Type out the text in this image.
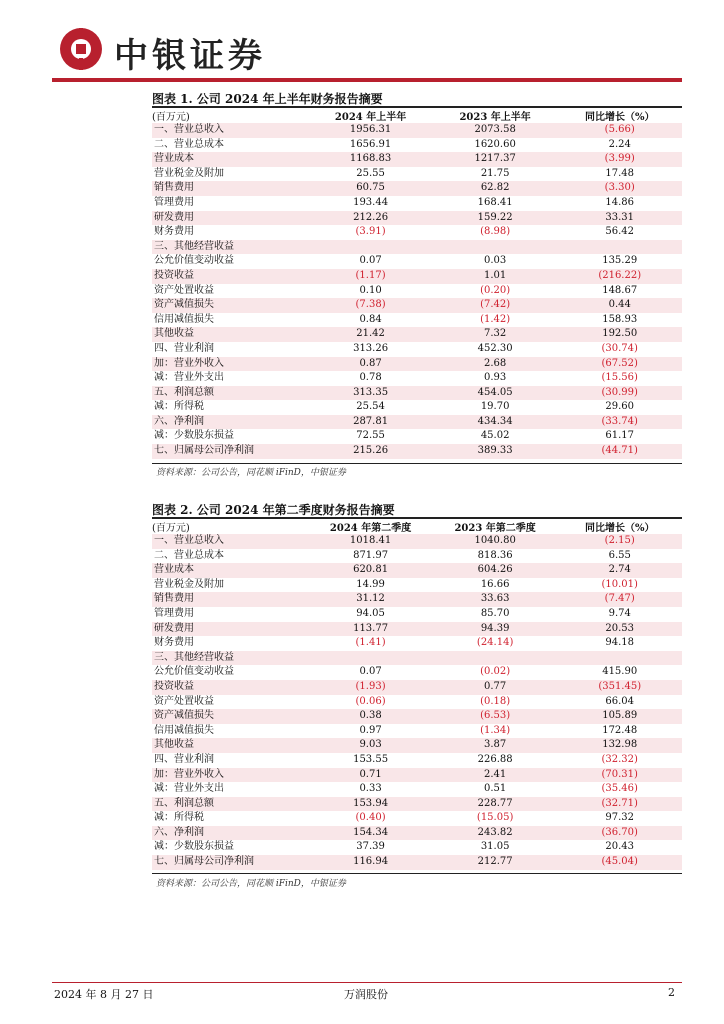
中银证券
图表 1. 公司 2024 年上半年财务报告摘要
(百万元)	2024 年上半年	2023 年上半年	同比增长（%）
一、营业总收入	1956.31	2073.58	(5.66)
二、营业总成本	1656.91	1620.60	2.24
营业成本	1168.83	1217.37	(3.99)
营业税金及附加	25.55	21.75	17.48
销售费用	60.75	62.82	(3.30)
管理费用	193.44	168.41	14.86
研发费用	212.26	159.22	33.31
财务费用	(3.91)	(8.98)	56.42
三、其他经营收益			
公允价值变动收益	0.07	0.03	135.29
投资收益	(1.17)	1.01	(216.22)
资产处置收益	0.10	(0.20)	148.67
资产减值损失	(7.38)	(7.42)	0.44
信用减值损失	0.84	(1.42)	158.93
其他收益	21.42	7.32	192.50
四、营业利润	313.26	452.30	(30.74)
加：营业外收入	0.87	2.68	(67.52)
减：营业外支出	0.78	0.93	(15.56)
五、利润总额	313.35	454.05	(30.99)
减：所得税	25.54	19.70	29.60
六、净利润	287.81	434.34	(33.74)
减：少数股东损益	72.55	45.02	61.17
七、归属母公司净利润	215.26	389.33	(44.71)
资料来源：公司公告，同花顺 iFinD，中银证券
图表 2. 公司 2024 年第二季度财务报告摘要
(百万元)	2024 年第二季度	2023 年第二季度	同比增长（%）
一、营业总收入	1018.41	1040.80	(2.15)
二、营业总成本	871.97	818.36	6.55
营业成本	620.81	604.26	2.74
营业税金及附加	14.99	16.66	(10.01)
销售费用	31.12	33.63	(7.47)
管理费用	94.05	85.70	9.74
研发费用	113.77	94.39	20.53
财务费用	(1.41)	(24.14)	94.18
三、其他经营收益			
公允价值变动收益	0.07	(0.02)	415.90
投资收益	(1.93)	0.77	(351.45)
资产处置收益	(0.06)	(0.18)	66.04
资产减值损失	0.38	(6.53)	105.89
信用减值损失	0.97	(1.34)	172.48
其他收益	9.03	3.87	132.98
四、营业利润	153.55	226.88	(32.32)
加：营业外收入	0.71	2.41	(70.31)
减：营业外支出	0.33	0.51	(35.46)
五、利润总额	153.94	228.77	(32.71)
减：所得税	(0.40)	(15.05)	97.32
六、净利润	154.34	243.82	(36.70)
减：少数股东损益	37.39	31.05	20.43
七、归属母公司净利润	116.94	212.77	(45.04)
资料来源：公司公告，同花顺 iFinD，中银证券
2024 年 8 月 27 日	万润股份	2
